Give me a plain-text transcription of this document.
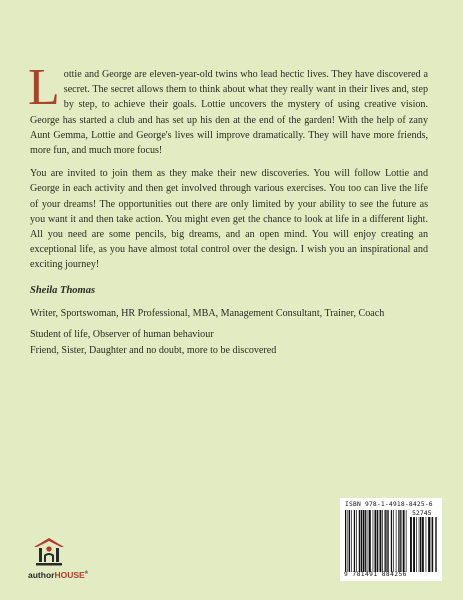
Lottie and George are eleven-year-old twins who lead hectic lives. They have discovered a secret. The secret allows them to think about what they really want in their lives and, step by step, to achieve their goals. Lottie uncovers the mystery of using creative vision. George has started a club and has set up his den at the end of the garden! With the help of zany Aunt Gemma, Lottie and George's lives will improve dramatically. They will have more friends, more fun, and much more focus!
You are invited to join them as they make their new discoveries. You will follow Lottie and George in each activity and then get involved through various exercises. You too can live the life of your dreams! The opportunities out there are only limited by your ability to see the future as you want it and then take action. You might even get the chance to look at life in a different light. All you need are some pencils, big dreams, and an open mind. You will enjoy creating an exceptional life, as you have almost total control over the design. I wish you an inspirational and exciting journey!
Sheila Thomas
Writer, Sportswoman, HR Professional, MBA, Management Consultant, Trainer, Coach
Student of life, Observer of human behaviour
Friend, Sister, Daughter and no doubt, more to be discovered
authorHOUSE®
ISBN 978-1-4918-8425-6
52745
9 781491 884256
